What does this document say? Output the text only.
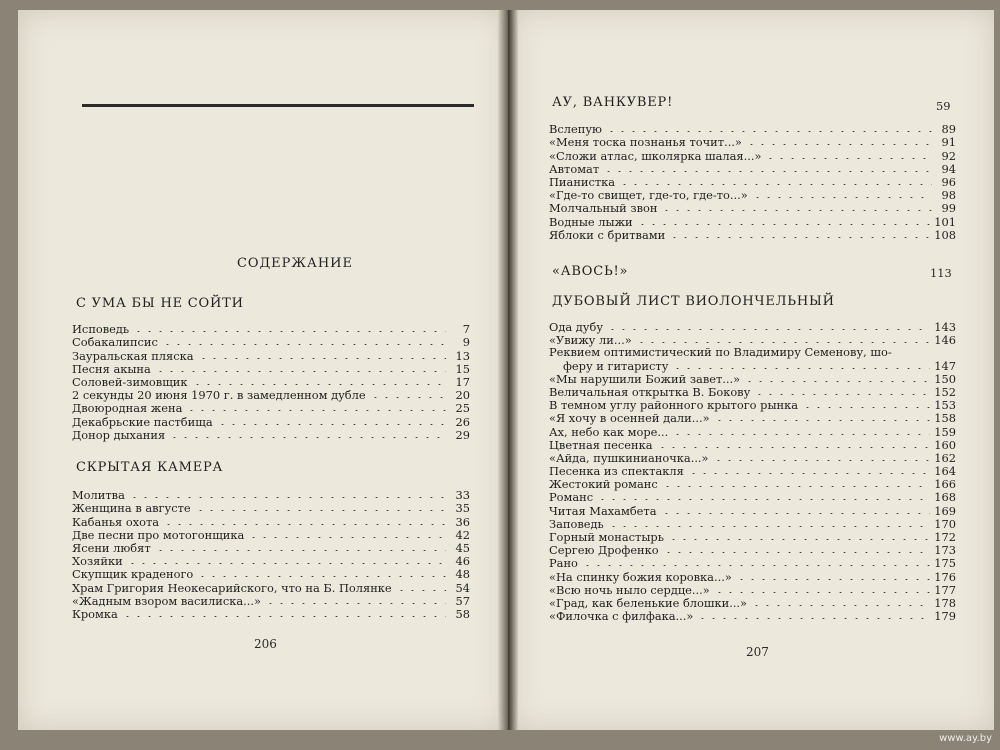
СОДЕРЖАНИЕ
С УМА БЫ НЕ СОЙТИ
Исповедь	7
Собакалипсис	9
Зауральская пляска	13
Песня акына	15
Соловей-зимовщик	17
2 секунды 20 июня 1970 г. в замедленном дубле	20
Двоюродная жена	25
Декабрьские пастбища	26
Донор дыхания	29
СКРЫТАЯ КАМЕРА
Молитва	33
Женщина в августе	35
Кабанья охота	36
Две песни про мотогонщика	42
Ясени любят	45
Хозяйки	46
Скупщик краденого	48
Храм Григория Неокесарийского, что на Б. Полянке	54
«Жадным взором василиска...»	57
Кромка	58
206
АУ, ВАНКУВЕР!	59
Вслепую	89
«Меня тоска познанья точит...»	91
«Сложи атлас, школярка шалая...»	92
Автомат	94
Пианистка	96
«Где-то свищет, где-то, где-то...»	98
Молчальный звон	99
Водные лыжи	101
Яблоки с бритвами	108
«АВОСЬ!»	113
ДУБОВЫЙ ЛИСТ ВИОЛОНЧЕЛЬНЫЙ
Ода дубу	143
«Увижу ли...»	146
Реквием оптимистический по Владимиру Семенову, шо-
феру и гитаристу	147
«Мы нарушили Божий завет...»	150
Величальная открытка В. Бокову	152
В темном углу районного крытого рынка	153
«Я хочу в осенней дали...»	158
Ах, небо как море...	159
Цветная песенка	160
«Айда, пушкинианочка...»	162
Песенка из спектакля	164
Жестокий романс	166
Романс	168
Читая Махамбета	169
Заповедь	170
Горный монастырь	172
Сергею Дрофенко	173
Рано	175
«На спинку божия коровка...»	176
«Всю ночь ныло сердце...»	177
«Град, как беленькие блошки...»	178
«Филочка с филфака...»	179
207
www.ay.by
